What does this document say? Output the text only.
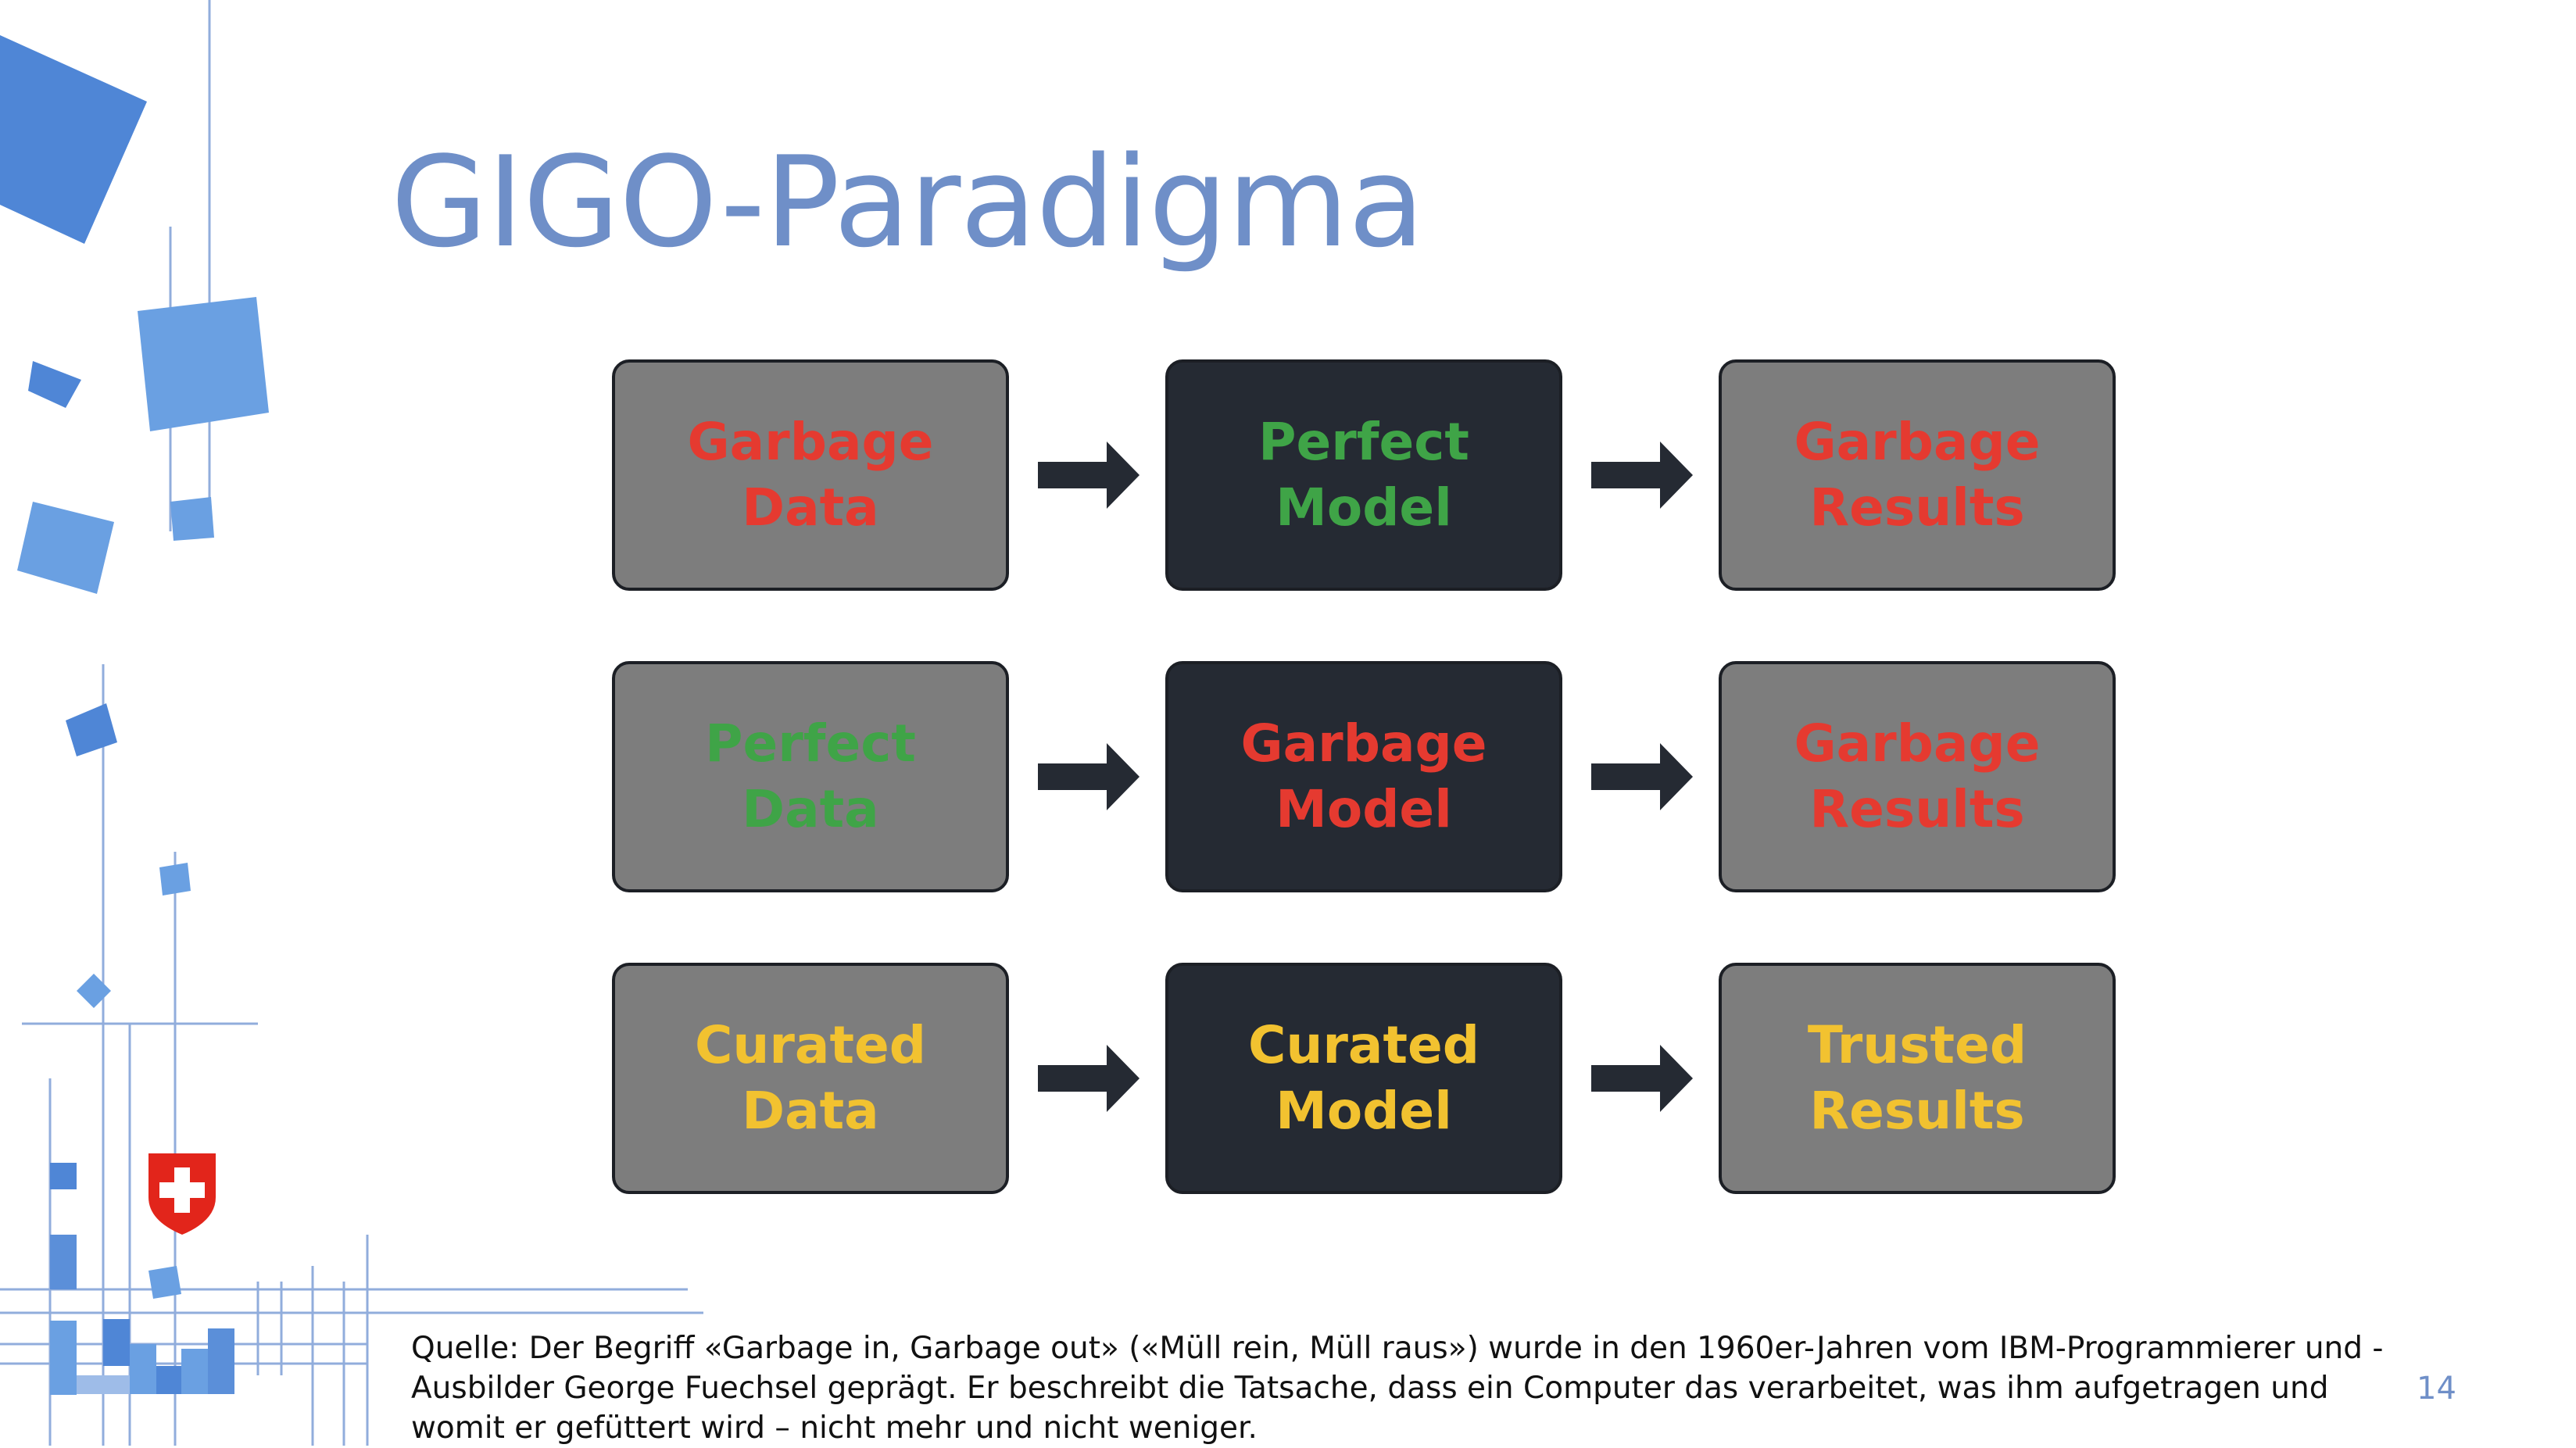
GIGO-Paradigma
Garbage Data
Perfect Model
Garbage Results
Perfect Data
Garbage Model
Garbage Results
Curated Data
Curated Model
Trusted Results
Quelle: Der Begriff «Garbage in, Garbage out» («Müll rein, Müll raus») wurde in den 1960er-Jahren vom IBM-Programmierer und -Ausbilder George Fuechsel geprägt. Er beschreibt die Tatsache, dass ein Computer das verarbeitet, was ihm aufgetragen und womit er gefüttert wird – nicht mehr und nicht weniger.
14
